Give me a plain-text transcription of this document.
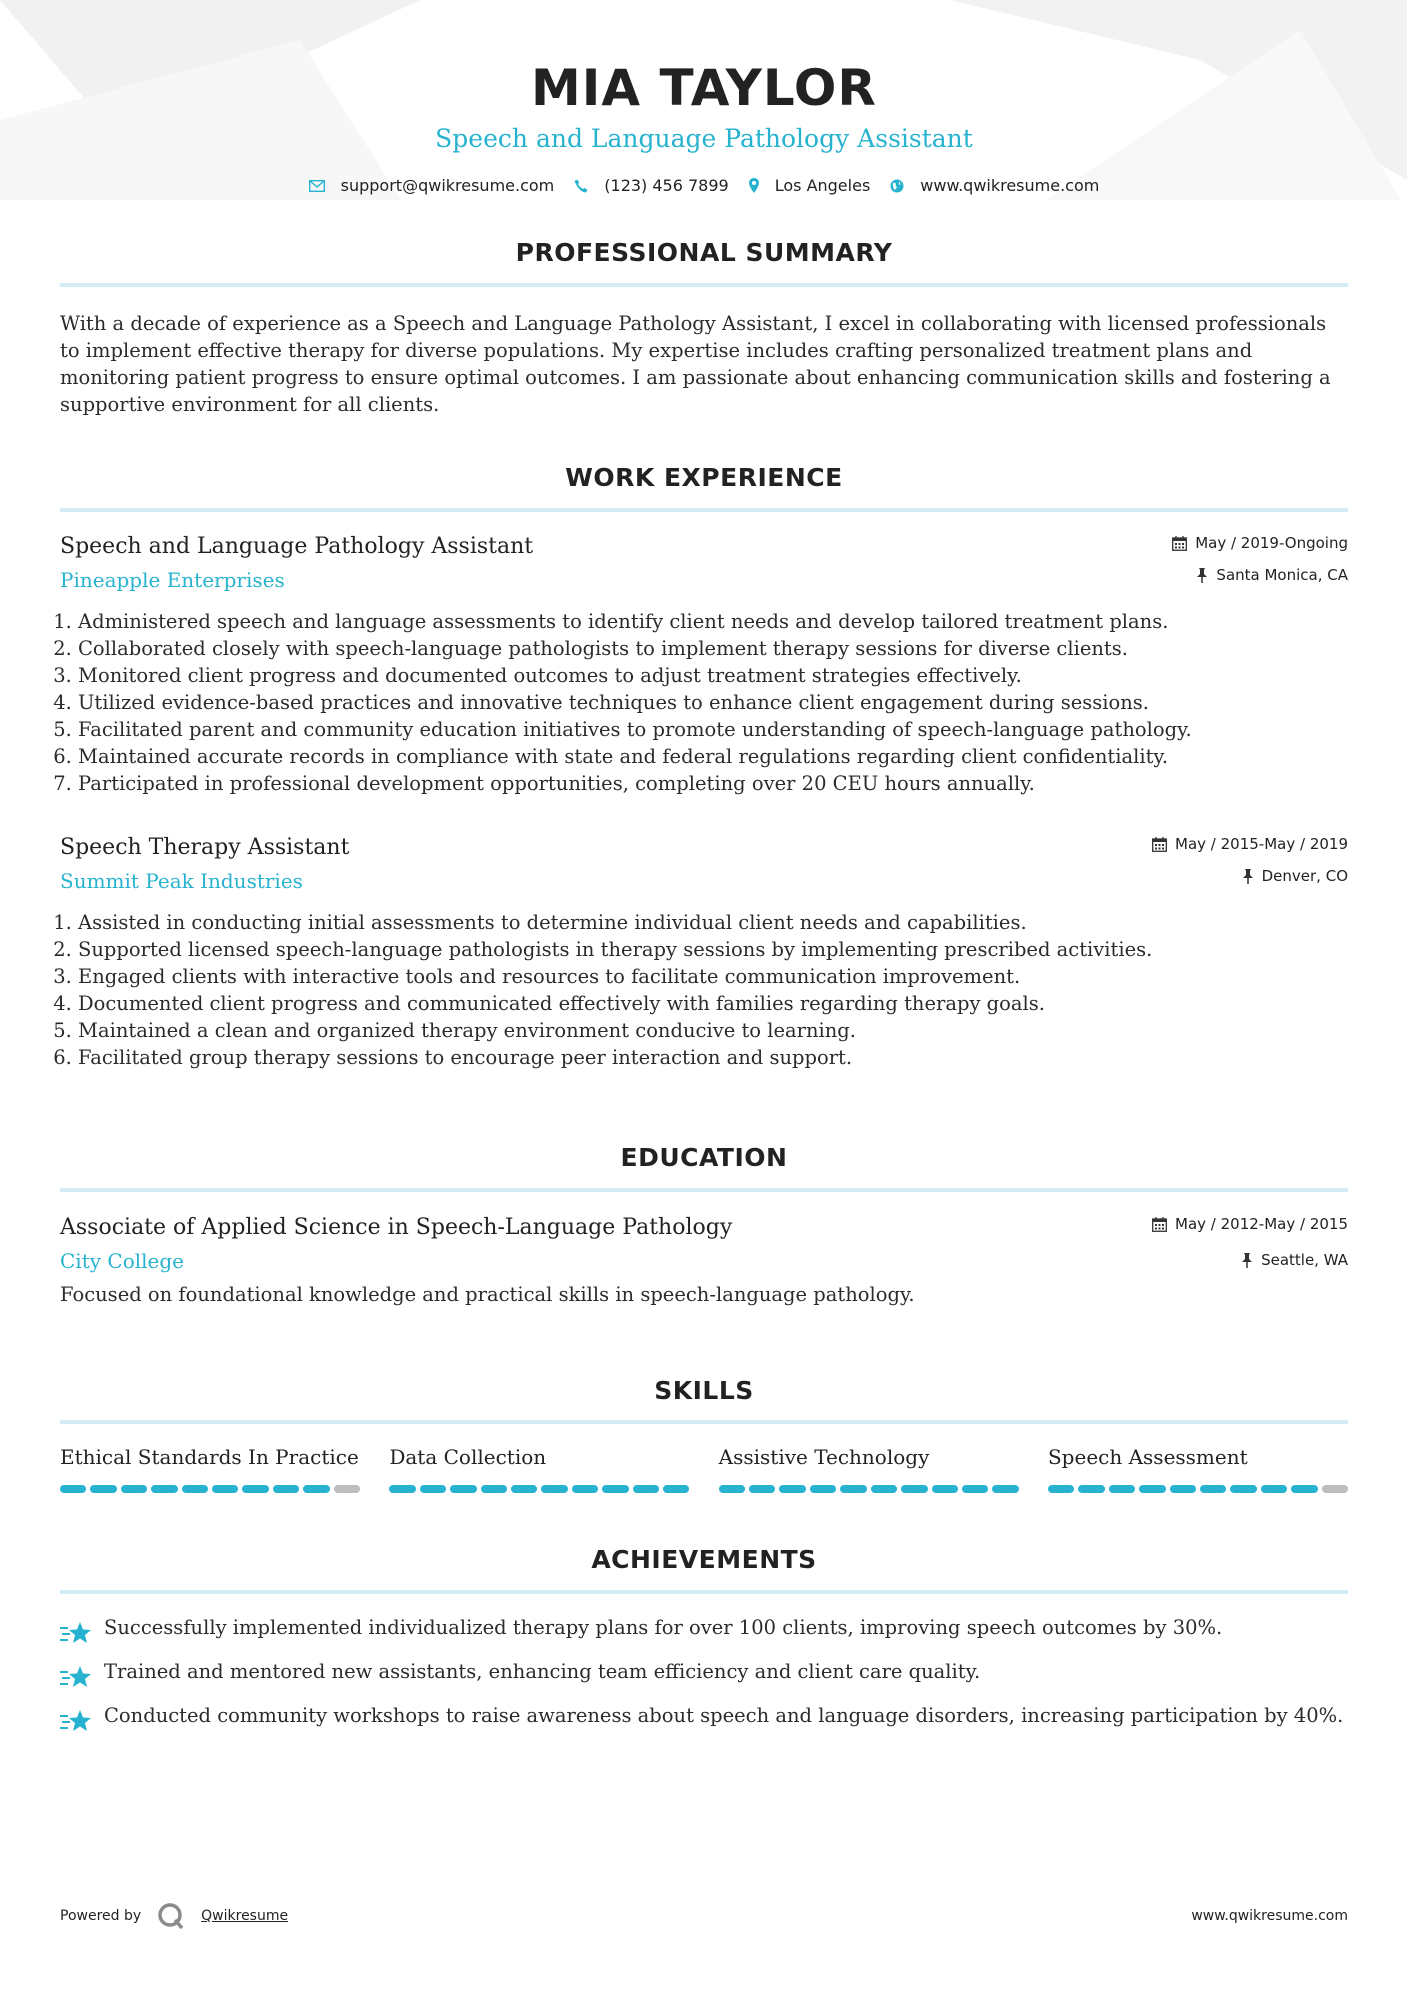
MIA TAYLOR
Speech and Language Pathology Assistant
support@qwikresume.com	(123) 456 7899	Los Angeles	www.qwikresume.com
PROFESSIONAL SUMMARY
With a decade of experience as a Speech and Language Pathology Assistant, I excel in collaborating with licensed professionals to implement effective therapy for diverse populations. My expertise includes crafting personalized treatment plans and monitoring patient progress to ensure optimal outcomes. I am passionate about enhancing communication skills and fostering a supportive environment for all clients.
WORK EXPERIENCE
Speech and Language Pathology Assistant
Pineapple Enterprises
May / 2019-Ongoing
Santa Monica, CA
1. Administered speech and language assessments to identify client needs and develop tailored treatment plans.
2. Collaborated closely with speech-language pathologists to implement therapy sessions for diverse clients.
3. Monitored client progress and documented outcomes to adjust treatment strategies effectively.
4. Utilized evidence-based practices and innovative techniques to enhance client engagement during sessions.
5. Facilitated parent and community education initiatives to promote understanding of speech-language pathology.
6. Maintained accurate records in compliance with state and federal regulations regarding client confidentiality.
7. Participated in professional development opportunities, completing over 20 CEU hours annually.
Speech Therapy Assistant
Summit Peak Industries
May / 2015-May / 2019
Denver, CO
1. Assisted in conducting initial assessments to determine individual client needs and capabilities.
2. Supported licensed speech-language pathologists in therapy sessions by implementing prescribed activities.
3. Engaged clients with interactive tools and resources to facilitate communication improvement.
4. Documented client progress and communicated effectively with families regarding therapy goals.
5. Maintained a clean and organized therapy environment conducive to learning.
6. Facilitated group therapy sessions to encourage peer interaction and support.
EDUCATION
Associate of Applied Science in Speech-Language Pathology
City College
May / 2012-May / 2015
Seattle, WA
Focused on foundational knowledge and practical skills in speech-language pathology.
SKILLS
Ethical Standards In Practice Data Collection	Assistive Technology	Speech Assessment
ACHIEVEMENTS
Successfully implemented individualized therapy plans for over 100 clients, improving speech outcomes by 30%.
Trained and mentored new assistants, enhancing team efficiency and client care quality.
Conducted community workshops to raise awareness about speech and language disorders, increasing participation by 40%.
Powered by	Qwikresume	www.qwikresume.com
